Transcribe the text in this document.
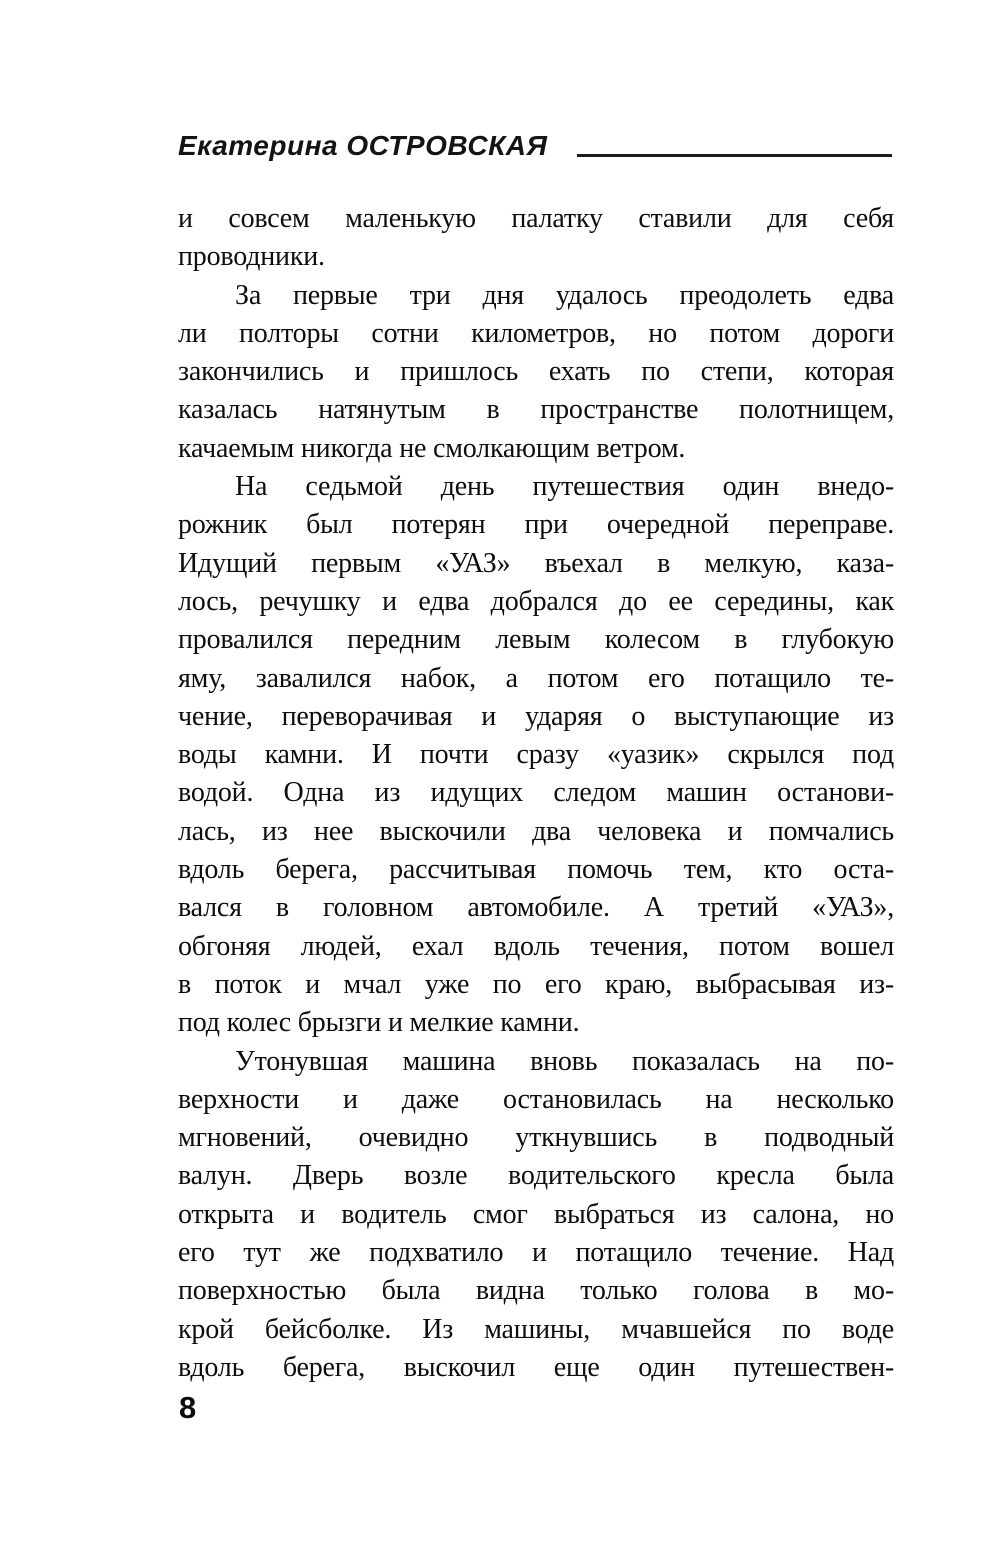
Екатерина ОСТРОВСКАЯ
и совсем маленькую палатку ставили для себя
проводники.
За первые три дня удалось преодолеть едва
ли полторы сотни километров, но потом дороги
закончились и пришлось ехать по степи, которая
казалась натянутым в пространстве полотнищем,
качаемым никогда не смолкающим ветром.
На седьмой день путешествия один внедо-
рожник был потерян при очередной переправе.
Идущий первым «УАЗ» въехал в мелкую, каза-
лось, речушку и едва добрался до ее середины, как
провалился передним левым колесом в глубокую
яму, завалился набок, а потом его потащило те-
чение, переворачивая и ударяя о выступающие из
воды камни. И почти сразу «уазик» скрылся под
водой. Одна из идущих следом машин останови-
лась, из нее выскочили два человека и помчались
вдоль берега, рассчитывая помочь тем, кто оста-
вался в головном автомобиле. А третий «УАЗ»,
обгоняя людей, ехал вдоль течения, потом вошел
в поток и мчал уже по его краю, выбрасывая из-
под колес брызги и мелкие камни.
Утонувшая машина вновь показалась на по-
верхности и даже остановилась на несколько
мгновений, очевидно уткнувшись в подводный
валун. Дверь возле водительского кресла была
открыта и водитель смог выбраться из салона, но
его тут же подхватило и потащило течение. Над
поверхностью была видна только голова в мо-
крой бейсболке. Из машины, мчавшейся по воде
вдоль берега, выскочил еще один путешествен-
8
